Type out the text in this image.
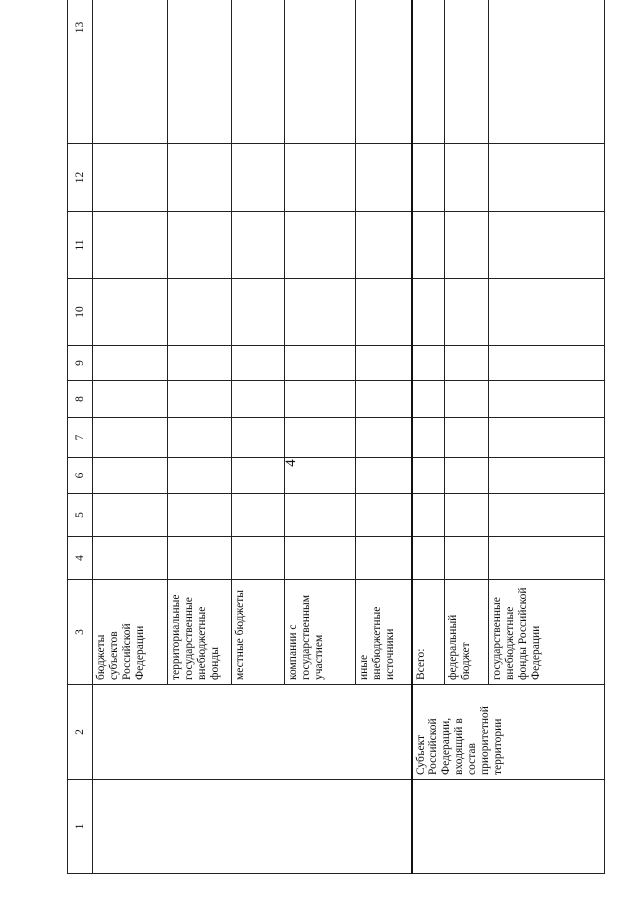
4
1	2	3	4	5	6	7	8	9	10	11	12	13

		бюджеты субъектов Российской Федерации										

		территориальные государственные внебюджетные фонды										

		местные бюджеты										

		компании с государственным участием										

		иные внебюджетные источники										

	Субъект Российской Федерации, входящий в состав приоритетной территории	Всего:										

		федеральный бюджет										

		государственные внебюджетные фонды Российской Федерации										
